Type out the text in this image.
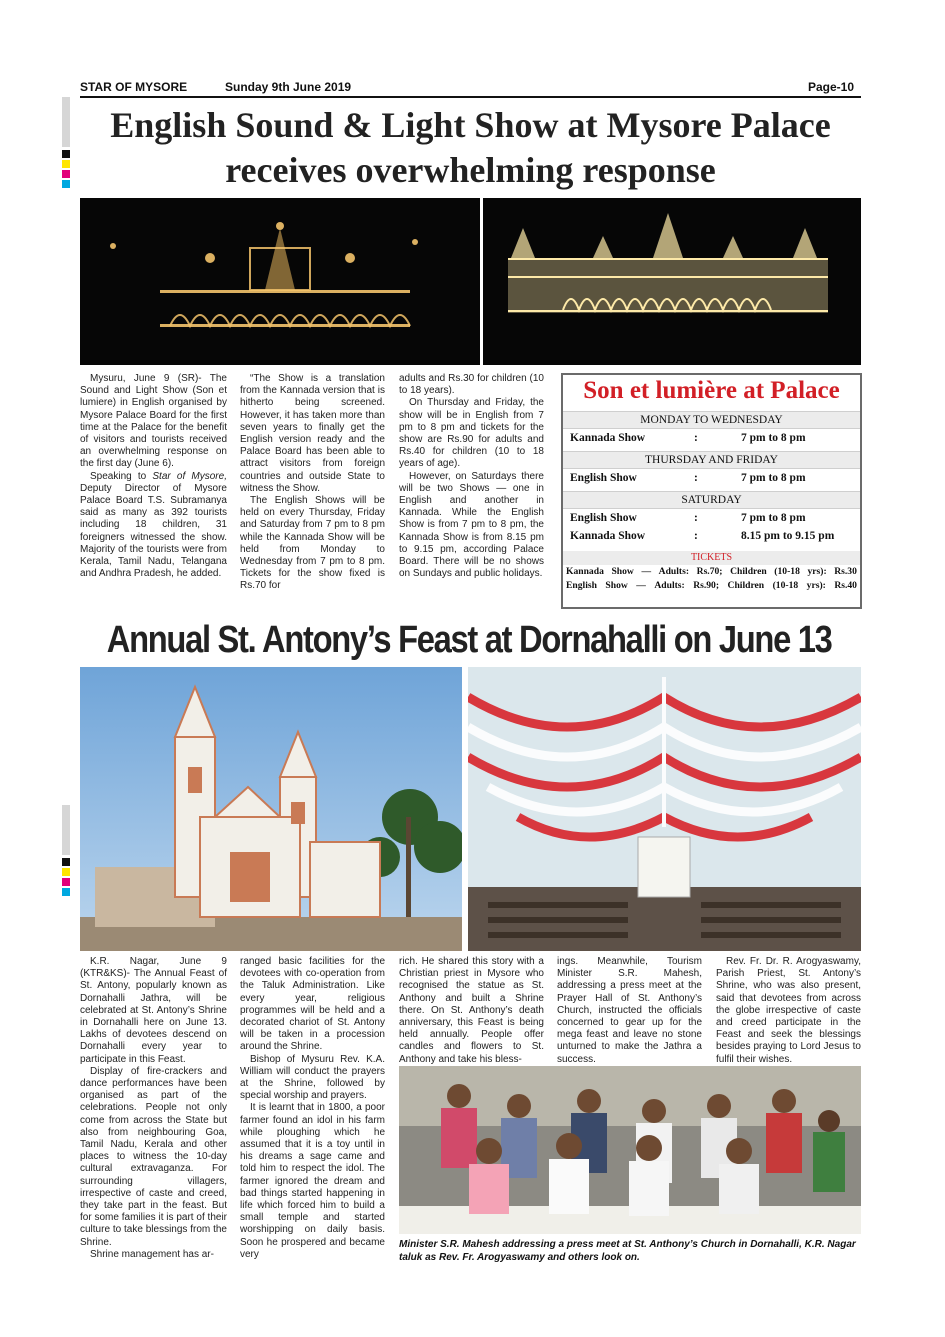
STAR OF MYSORE	Sunday 9th June 2019	Page-10
English Sound & Light Show at Mysore Palace
receives overwhelming response

Mysuru, June 9 (SR)- The Sound and Light Show (Son et lumiere) in English organised by Mysore Palace Board for the first time at the Palace for the benefit of visitors and tourists received an overwhelming response on the first day (June 6).

Speaking to Star of Mysore, Deputy Director of Mysore Palace Board T.S. Subramanya said as many as 392 tourists including 18 children, 31 foreigners witnessed the show. Majority of the tourists were from Kerala, Tamil Nadu, Telangana and Andhra Pradesh, he added.

“The Show is a translation from the Kannada version that is hitherto being screened. However, it has taken more than seven years to finally get the English version ready and the Palace Board has been able to attract visitors from foreign countries and outside State to witness the Show.

The English Shows will be held on every Thursday, Friday and Saturday from 7 pm to 8 pm while the Kannada Show will be held from Monday to Wednesday from 7 pm to 8 pm. Tickets for the show fixed is Rs.70 for

adults and Rs.30 for children (10 to 18 years).

On Thursday and Friday, the show will be in English from 7 pm to 8 pm and tickets for the show are Rs.90 for adults and Rs.40 for children (10 to 18 years of age).

However, on Saturdays there will be two Shows — one in English and another in Kannada. While the English Show is from 7 pm to 8 pm, the Kannada Show is from 8.15 pm to 9.15 pm, according Palace Board. There will be no shows on Sundays and public holidays.

Son et lumière at Palace
MONDAY TO WEDNESDAY
Kannada Show	:	7 pm to 8 pm
THURSDAY AND FRIDAY
English Show	:	7 pm to 8 pm
SATURDAY
English Show	:	7 pm to 8 pm
Kannada Show	:	8.15 pm to 9.15 pm
TICKETS
Kannada Show — Adults: Rs.70; Children (10-18 yrs): Rs.30
English Show — Adults: Rs.90; Children (10-18 yrs): Rs.40
Annual St. Antony’s Feast at Dornahalli on June 13

K.R. Nagar, June 9 (KTR&KS)- The Annual Feast of St. Antony, popularly known as Dornahalli Jathra, will be celebrated at St. Antony’s Shrine in Dornahalli here on June 13. Lakhs of devotees descend on Dornahalli every year to participate in this Feast.

Display of fire-crackers and dance performances have been organised as part of the celebrations. People not only come from across the State but also from neighbouring Goa, Tamil Nadu, Kerala and other places to witness the 10-day cultural extravaganza. For surrounding villagers, irrespective of caste and creed, they take part in the feast. But for some families it is part of their culture to take blessings from the Shrine.

Shrine management has ar-

ranged basic facilities for the devotees with co-operation from the Taluk Administration. Like every year, religious programmes will be held and a decorated chariot of St. Antony will be taken in a procession around the Shrine.

Bishop of Mysuru Rev. K.A. William will conduct the prayers at the Shrine, followed by special worship and prayers.

It is learnt that in 1800, a poor farmer found an idol in his farm while ploughing which he assumed that it is a toy until in his dreams a sage came and told him to respect the idol. The farmer ignored the dream and bad things started happening in life which forced him to build a small temple and started worshipping on daily basis. Soon he prospered and became very

rich. He shared this story with a Christian priest in Mysore who recognised the statue as St. Anthony and built a Shrine there. On St. Anthony’s death anniversary, this Feast is being held annually. People offer candles and flowers to St. Anthony and take his bless-

ings. Meanwhile, Tourism Minister S.R. Mahesh, addressing a press meet at the Prayer Hall of St. Anthony’s Church, instructed the officials concerned to gear up for the mega feast and leave no stone unturned to make the Jathra a success.

Rev. Fr. Dr. R. Arogyaswamy, Parish Priest, St. Antony’s Shrine, who was also present, said that devotees from across the globe irrespective of caste and creed participate in the Feast and seek the blessings besides praying to Lord Jesus to fulfil their wishes.

Minister S.R. Mahesh addressing a press meet at St. Anthony’s Church in Dornahalli, K.R. Nagar taluk as Rev. Fr. Arogyaswamy and others look on.
